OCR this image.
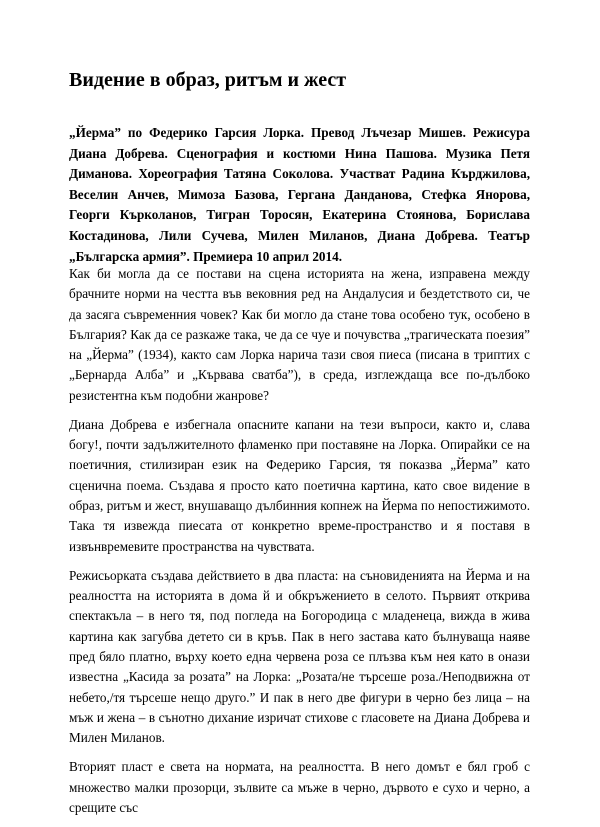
Видение в образ, ритъм и жест

„Йерма” по Федерико Гарсия Лорка. Превод Лъчезар Мишев. Режисура Диана Добрева. Сценография и костюми Нина Пашова. Музика Петя Диманова. Хореография Татяна Соколова. Участват Радина Кърджилова, Веселин Анчев, Мимоза Базова, Гергана Данданова, Стефка Янорова, Георги Кърколанов, Тигран Торосян, Екатерина Стоянова, Борислава Костадинова, Лили Сучева, Милен Миланов, Диана Добрева. Театър „Българска армия”. Премиера 10 април 2014.

Как би могла да се постави на сцена историята на жена, изправена между брачните норми на честта във вековния ред на Андалусия и бездетството си, че да засяга съвременния човек? Как би могло да стане това особено тук, особено в България? Как да се разкаже така, че да се чуе и почувства „трагическата поезия” на „Йерма” (1934), както сам Лорка нарича тази своя пиеса (писана в триптих с „Бернарда Алба” и „Кървава сватба”), в среда, изглеждаща все по-дълбоко резистентна към подобни жанрове?

Диана Добрева е избегнала опасните капани на тези въпроси, както и, слава богу!, почти задължителното фламенко при поставяне на Лорка. Опирайки се на поетичния, стилизиран език на Федерико Гарсия, тя показва „Йерма” като сценична поема. Създава я просто като поетична картина, като свое видение в образ, ритъм и жест, внушаващо дълбинния копнеж на Йерма по непостижимото. Така тя извежда пиесата от конкретно време-пространство и я поставя в извънвремевите пространства на чувствата.

Режисьорката създава действието в два пласта: на съновиденията на Йерма и на реалността на историята в дома й и обкръжението в селото. Първият открива спектакъла – в него тя, под погледа на Богородица с младенеца, вижда в жива картина как загубва детето си в кръв. Пак в него застава като бълнуваща наяве пред бяло платно, върху което една червена роза се плъзва към нея като в онази известна „Касида за розата” на Лорка: „Розата/не търсеше роза./Неподвижна от небето,/тя търсеше нещо друго.” И пак в него две фигури в черно без лица – на мъж и жена – в сънотно дихание изричат стихове с гласовете на Диана Добрева и Милен Миланов.

Вторият пласт е света на нормата, на реалността. В него домът е бял гроб с множество малки прозорци, зълвите са мъже в черно, дървото е сухо и черно, а срещите със
